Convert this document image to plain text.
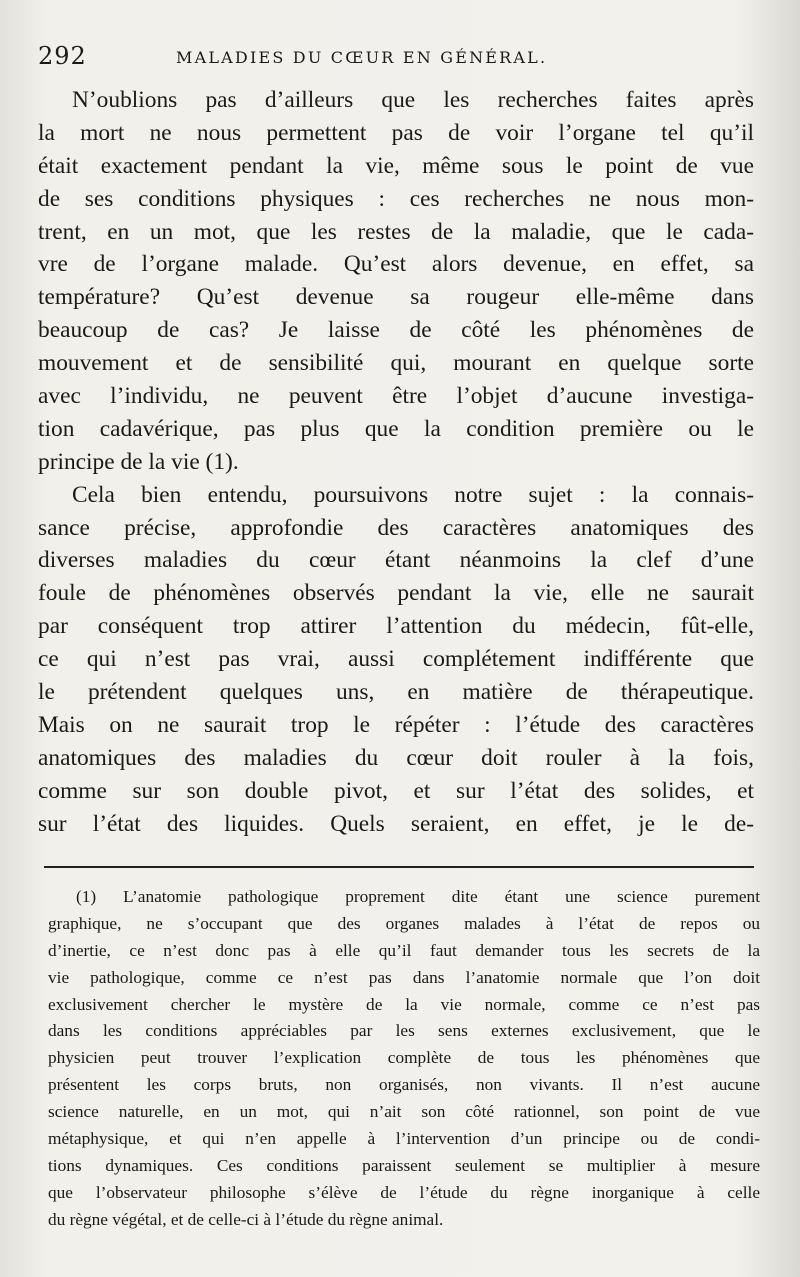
292	MALADIES DU CŒUR EN GÉNÉRAL.
N’oublions pas d’ailleurs que les recherches faites après
la mort ne nous permettent pas de voir l’organe tel qu’il
était exactement pendant la vie, même sous le point de vue
de ses conditions physiques : ces recherches ne nous mon-
trent, en un mot, que les restes de la maladie, que le cada-
vre de l’organe malade. Qu’est alors devenue, en effet, sa
température? Qu’est devenue sa rougeur elle-même dans
beaucoup de cas? Je laisse de côté les phénomènes de
mouvement et de sensibilité qui, mourant en quelque sorte
avec l’individu, ne peuvent être l’objet d’aucune investiga-
tion cadavérique, pas plus que la condition première ou le
principe de la vie (1).
Cela bien entendu, poursuivons notre sujet : la connais-
sance précise, approfondie des caractères anatomiques des
diverses maladies du cœur étant néanmoins la clef d’une
foule de phénomènes observés pendant la vie, elle ne saurait
par conséquent trop attirer l’attention du médecin, fût-elle,
ce qui n’est pas vrai, aussi complétement indifférente que
le prétendent quelques uns, en matière de thérapeutique.
Mais on ne saurait trop le répéter : l’étude des caractères
anatomiques des maladies du cœur doit rouler à la fois,
comme sur son double pivot, et sur l’état des solides, et
sur l’état des liquides. Quels seraient, en effet, je le de-
(1) L’anatomie pathologique proprement dite étant une science purement
graphique, ne s’occupant que des organes malades à l’état de repos ou
d’inertie, ce n’est donc pas à elle qu’il faut demander tous les secrets de la
vie pathologique, comme ce n’est pas dans l’anatomie normale que l’on doit
exclusivement chercher le mystère de la vie normale, comme ce n’est pas
dans les conditions appréciables par les sens externes exclusivement, que le
physicien peut trouver l’explication complète de tous les phénomènes que
présentent les corps bruts, non organisés, non vivants. Il n’est aucune
science naturelle, en un mot, qui n’ait son côté rationnel, son point de vue
métaphysique, et qui n’en appelle à l’intervention d’un principe ou de condi-
tions dynamiques. Ces conditions paraissent seulement se multiplier à mesure
que l’observateur philosophe s’élève de l’étude du règne inorganique à celle
du règne végétal, et de celle-ci à l’étude du règne animal.
